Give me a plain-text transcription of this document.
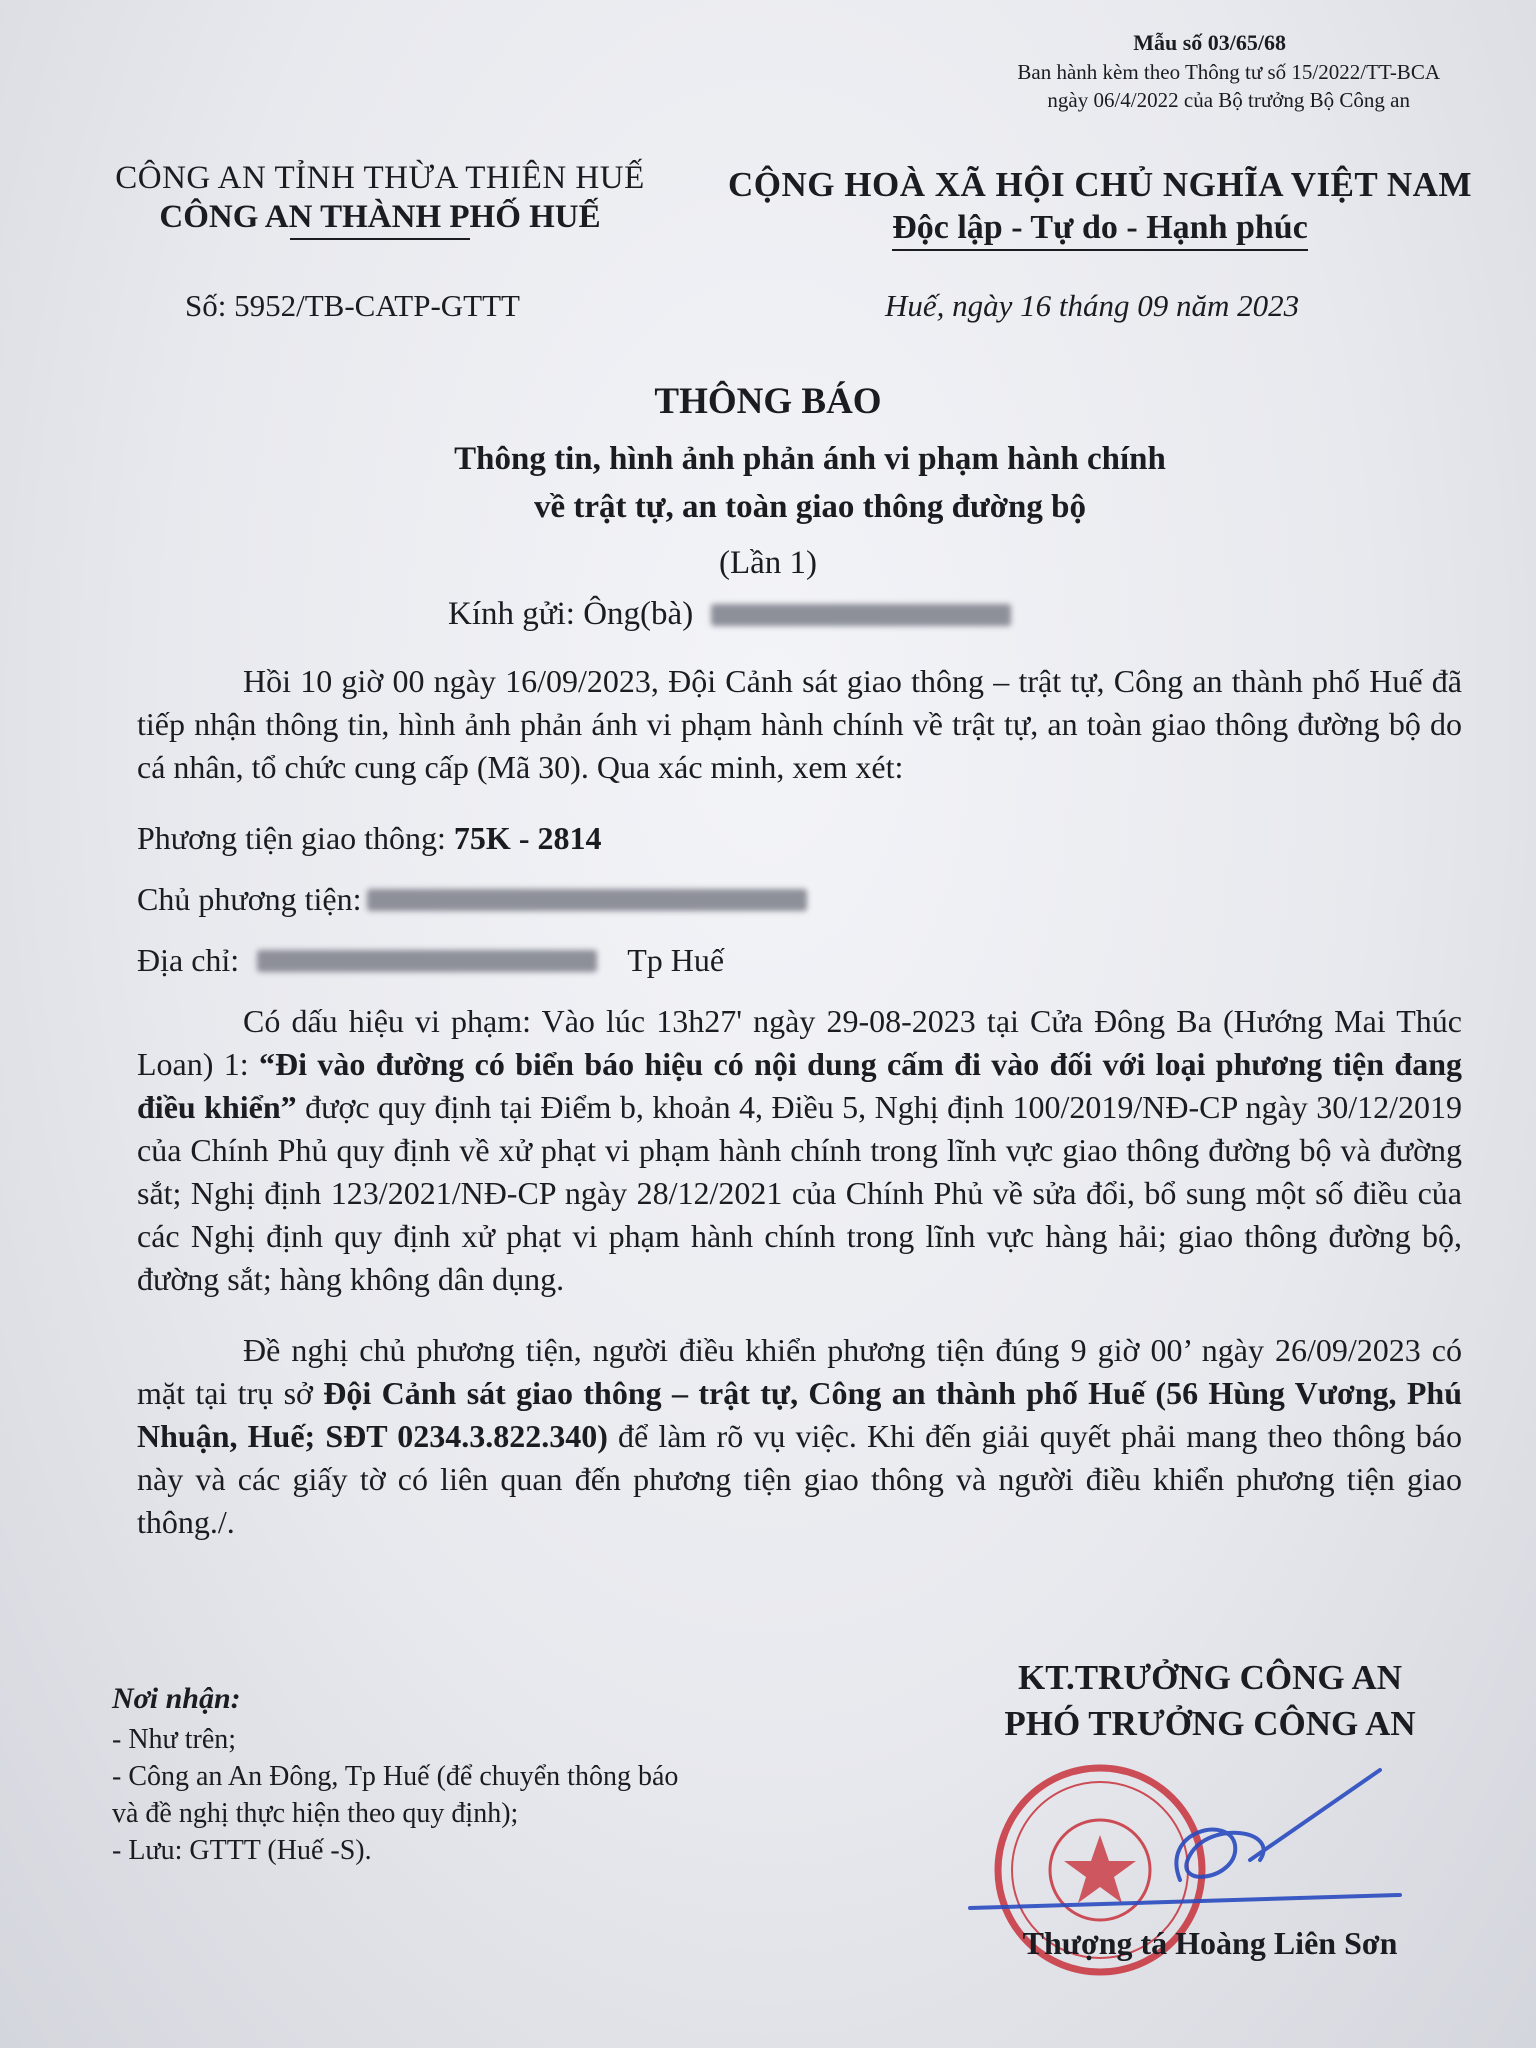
Mẫu số 03/65/68
Ban hành kèm theo Thông tư số 15/2022/TT-BCA
ngày 06/4/2022 của Bộ trưởng Bộ Công an
CÔNG AN TỈNH THỪA THIÊN HUẾ
CÔNG AN THÀNH PHỐ HUẾ
CỘNG HOÀ XÃ HỘI CHỦ NGHĨA VIỆT NAM
Độc lập - Tự do - Hạnh phúc
Số: 5952/TB-CATP-GTTT	Huế, ngày 16 tháng 09 năm 2023
THÔNG BÁO
Thông tin, hình ảnh phản ánh vi phạm hành chính
về trật tự, an toàn giao thông đường bộ
(Lần 1)
Kính gửi: Ông(bà)

Hồi 10 giờ 00 ngày 16/09/2023, Đội Cảnh sát giao thông – trật tự, Công an thành phố Huế đã tiếp nhận thông tin, hình ảnh phản ánh vi phạm hành chính về trật tự, an toàn giao thông đường bộ do cá nhân, tổ chức cung cấp (Mã 30). Qua xác minh, xem xét:

Phương tiện giao thông:
75K - 2814

Chủ phương tiện:

Địa chỉ:	Tp Huế

Có dấu hiệu vi phạm: Vào lúc 13h27' ngày 29-08-2023 tại Cửa Đông Ba (Hướng Mai Thúc Loan) 1: “Đi vào đường có biển báo hiệu có nội dung cấm đi vào đối với loại phương tiện đang điều khiển” được quy định tại Điểm b, khoản 4, Điều 5, Nghị định 100/2019/NĐ-CP ngày 30/12/2019 của Chính Phủ quy định về xử phạt vi phạm hành chính trong lĩnh vực giao thông đường bộ và đường sắt; Nghị định 123/2021/NĐ-CP ngày 28/12/2021 của Chính Phủ về sửa đổi, bổ sung một số điều của các Nghị định quy định xử phạt vi phạm hành chính trong lĩnh vực hàng hải; giao thông đường bộ, đường sắt; hàng không dân dụng.

Đề nghị chủ phương tiện, người điều khiển phương tiện đúng 9 giờ 00’ ngày 26/09/2023 có mặt tại trụ sở Đội Cảnh sát giao thông – trật tự, Công an thành phố Huế (56 Hùng Vương, Phú Nhuận, Huế; SĐT 0234.3.822.340) để làm rõ vụ việc. Khi đến giải quyết phải mang theo thông báo này và các giấy tờ có liên quan đến phương tiện giao thông và người điều khiển phương tiện giao thông./.

Nơi nhận:
- Như trên;
- Công an An Đông, Tp Huế (để chuyển thông báo
và đề nghị thực hiện theo quy định);
- Lưu: GTTT (Huế -S).
KT.TRƯỞNG CÔNG AN
PHÓ TRƯỞNG CÔNG AN
Thượng tá Hoàng Liên Sơn
